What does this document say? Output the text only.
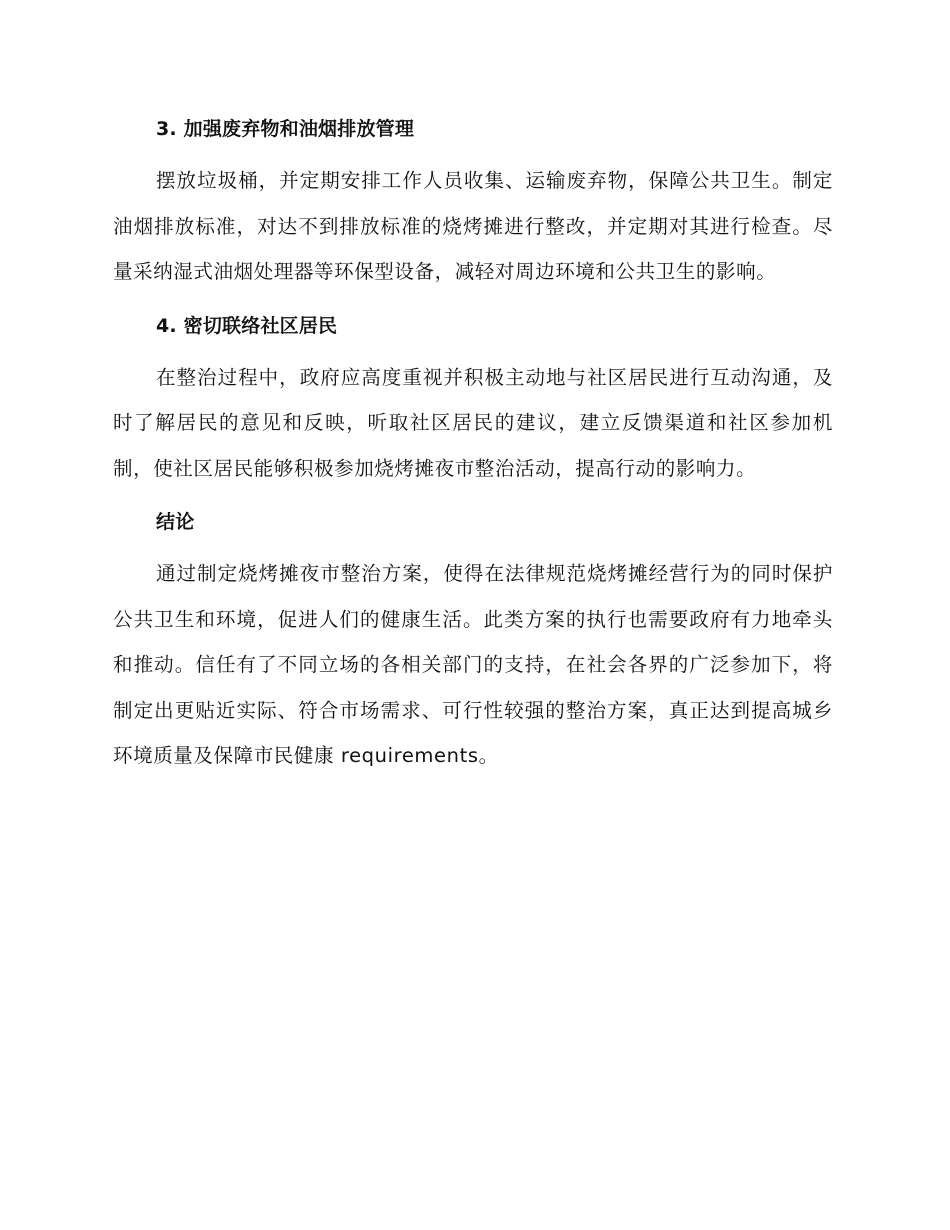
3. 加强废弃物和油烟排放管理

摆放垃圾桶，并定期安排工作人员收集、运输废弃物，保障公共卫生。制定油烟排放标准，对达不到排放标准的烧烤摊进行整改，并定期对其进行检查。尽量采纳湿式油烟处理器等环保型设备，减轻对周边环境和公共卫生的影响。

4. 密切联络社区居民

在整治过程中，政府应高度重视并积极主动地与社区居民进行互动沟通，及时了解居民的意见和反映，听取社区居民的建议，建立反馈渠道和社区参加机制，使社区居民能够积极参加烧烤摊夜市整治活动，提高行动的影响力。

结论

通过制定烧烤摊夜市整治方案，使得在法律规范烧烤摊经营行为的同时保护公共卫生和环境，促进人们的健康生活。此类方案的执行也需要政府有力地牵头和推动。信任有了不同立场的各相关部门的支持，在社会各界的广泛参加下，将制定出更贴近实际、符合市场需求、可行性较强的整治方案，真正达到提高城乡环境质量及保障市民健康 requirements。
